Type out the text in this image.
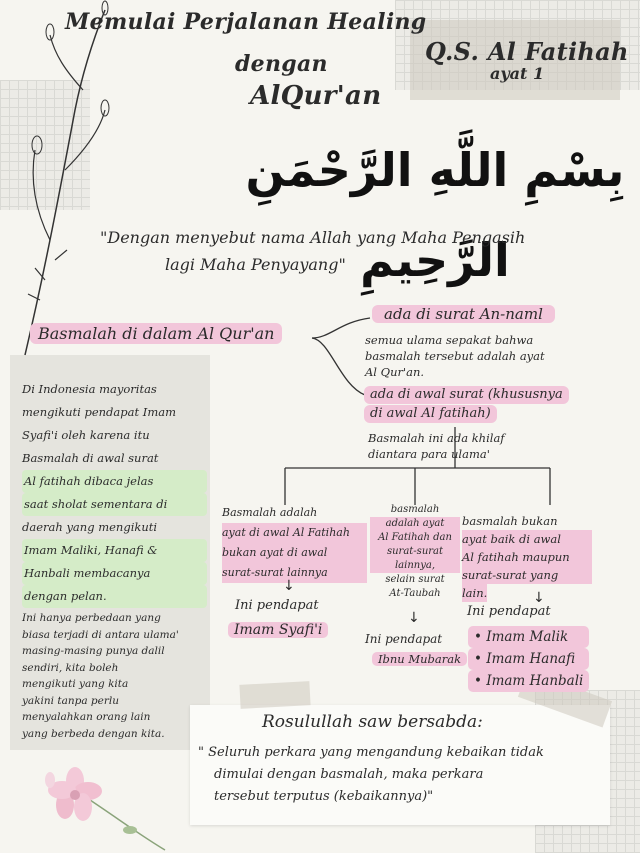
Memulai Perjalanan Healing
dengan
AlQur'an
Q.S. Al Fatihah
ayat 1
بِسْمِ اللَّهِ الرَّحْمَنِ الرَّحِيمِ
"Dengan menyebut nama Allah yang Maha Pengasih
lagi Maha Penyayang"
Basmalah di dalam Al Qur'an
ada di surat An-naml
semua ulama sepakat bahwa
basmalah tersebut adalah ayat
Al Qur'an.
ada di awal surat (khususnya
di awal Al fatihah)
Basmalah ini ada khilaf
diantara para ulama'
Di Indonesia mayoritas
mengikuti pendapat Imam
Syafi'i oleh karena itu
Basmalah di awal surat
Al fatihah dibaca jelas
saat sholat sementara di
daerah yang mengikuti
Imam Maliki, Hanafi &
Hanbali membacanya
dengan pelan.
Ini hanya perbedaan yang
biasa terjadi di antara ulama'
masing-masing punya dalil
sendiri, kita boleh
mengikuti yang kita
yakini tanpa perlu
menyalahkan orang lain
yang berbeda dengan kita.
Basmalah adalah
ayat di awal Al Fatihah
bukan ayat di awal
surat-surat lainnya
↓
Ini pendapat
Imam Syafi'i
basmalah
adalah ayat
Al Fatihah dan
surat-surat
lainnya,
selain surat
At-Taubah
↓
Ini pendapat
Ibnu Mubarak
basmalah bukan
ayat baik di awal
Al fatihah maupun
surat-surat yang
lain.	↓
Ini pendapat
• Imam Malik
• Imam Hanafi
• Imam Hanbali
Rosulullah saw bersabda:
" Seluruh perkara yang mengandung kebaikan tidak
dimulai dengan basmalah, maka perkara
tersebut terputus (kebaikannya)"
